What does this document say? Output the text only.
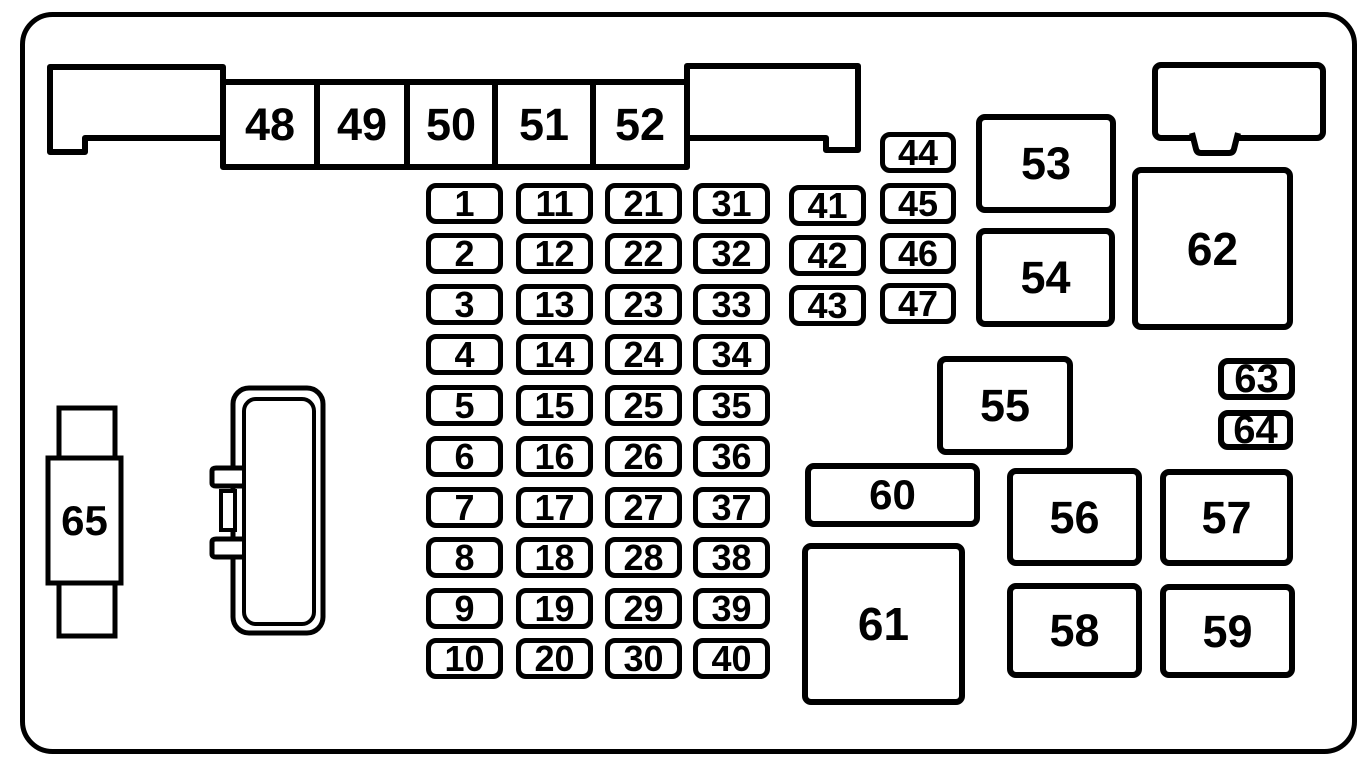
65
1
2
3
4
5
6
7
8
9
10
11
12
13
14
15
16
17
18
19
20
21
22
23
24
25
26
27
28
29
30
31
32
33
34
35
36
37
38
39
40
41
42
43
44
45
46
47
53
54
55
56	57
58	59
60
61
62
63
64
48 49 50 51	52
